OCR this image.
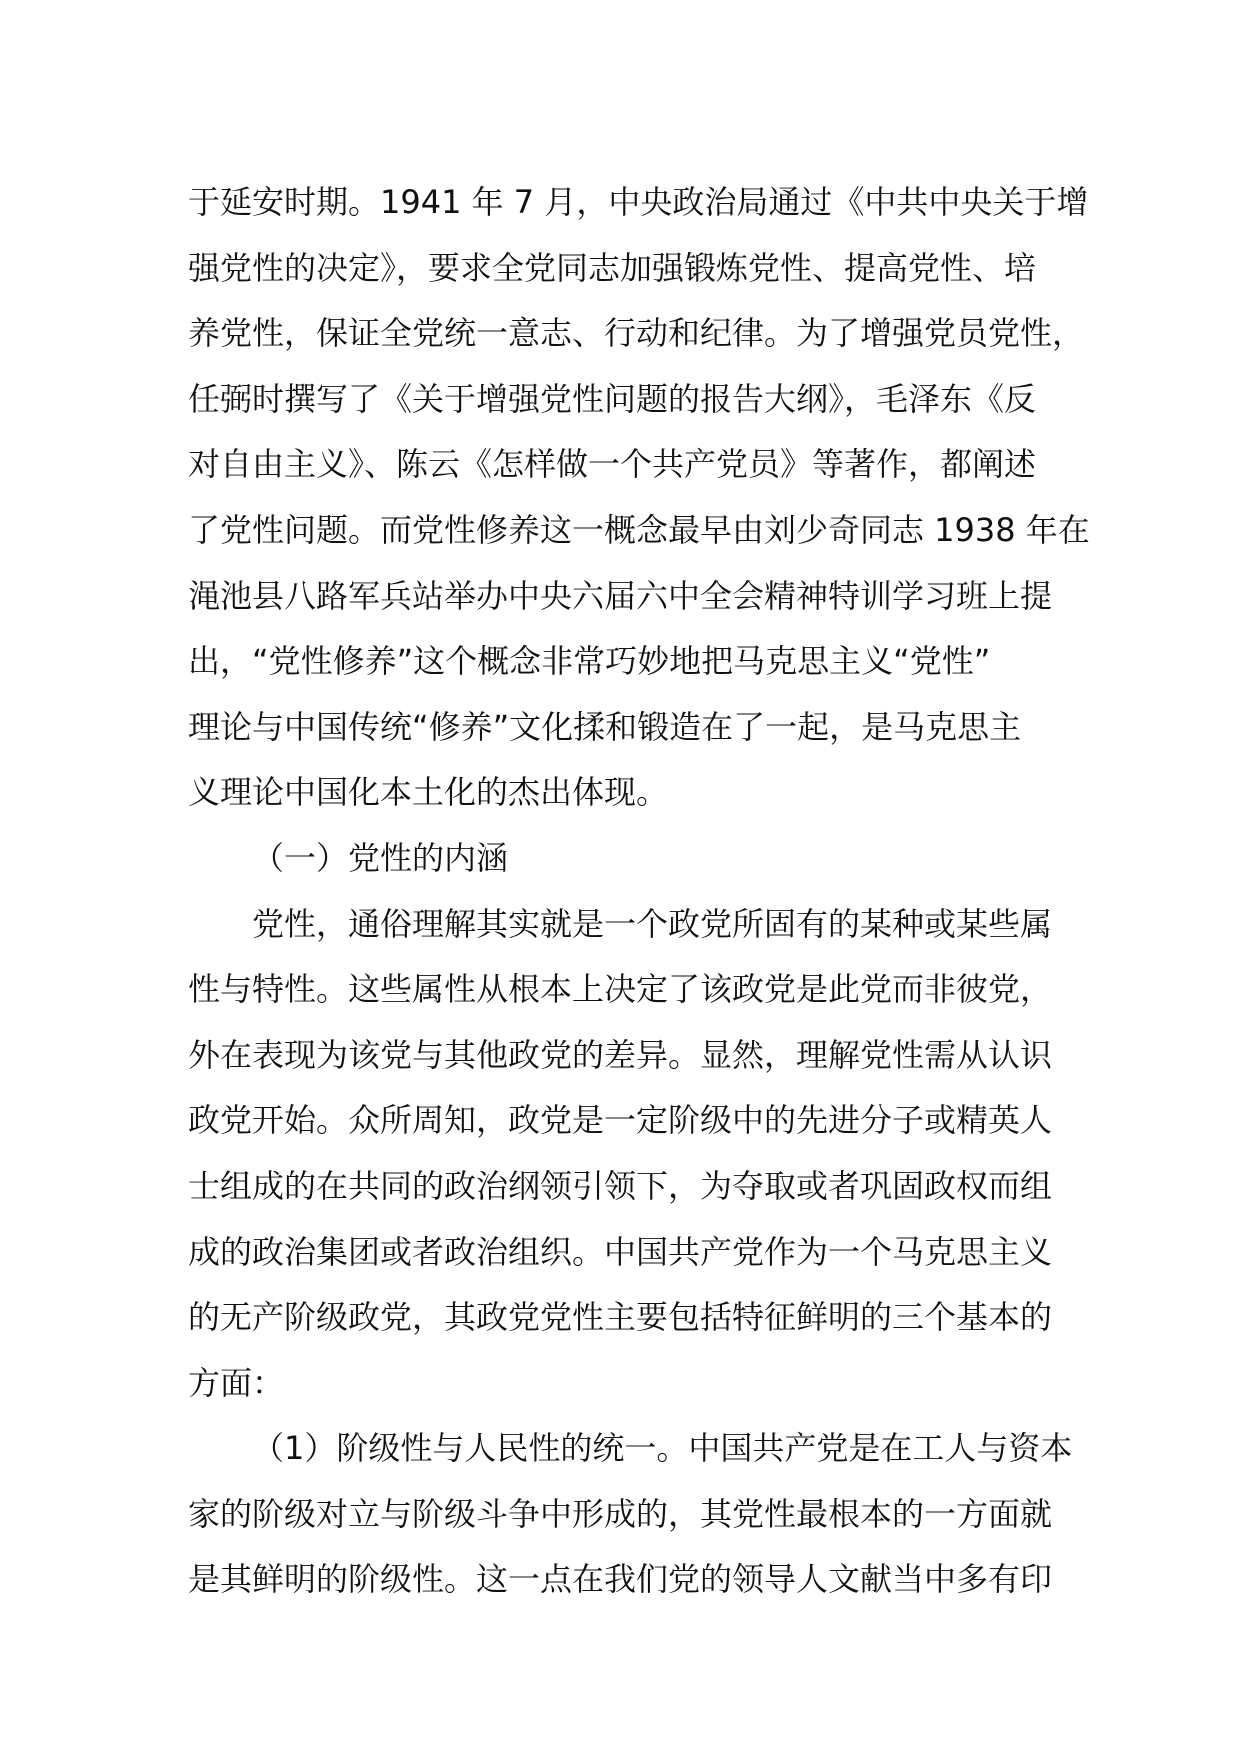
于延安时期。1941 年 7 月，中央政治局通过《中共中央关于增
强党性的决定》，要求全党同志加强锻炼党性、提高党性、培
养党性，保证全党统一意志、行动和纪律。为了增强党员党性，
任弼时撰写了《关于增强党性问题的报告大纲》，毛泽东《反
对自由主义》、陈云《怎样做一个共产党员》等著作，都阐述
了党性问题。而党性修养这一概念最早由刘少奇同志 1938 年在
渑池县八路军兵站举办中央六届六中全会精神特训学习班上提
出，“党性修养”这个概念非常巧妙地把马克思主义“党性”
理论与中国传统“修养”文化揉和锻造在了一起，是马克思主
义理论中国化本土化的杰出体现。
（一）党性的内涵
党性，通俗理解其实就是一个政党所固有的某种或某些属
性与特性。这些属性从根本上决定了该政党是此党而非彼党，
外在表现为该党与其他政党的差异。显然，理解党性需从认识
政党开始。众所周知，政党是一定阶级中的先进分子或精英人
士组成的在共同的政治纲领引领下，为夺取或者巩固政权而组
成的政治集团或者政治组织。中国共产党作为一个马克思主义
的无产阶级政党，其政党党性主要包括特征鲜明的三个基本的
方面：
（1）阶级性与人民性的统一。中国共产党是在工人与资本
家的阶级对立与阶级斗争中形成的，其党性最根本的一方面就
是其鲜明的阶级性。这一点在我们党的领导人文献当中多有印
